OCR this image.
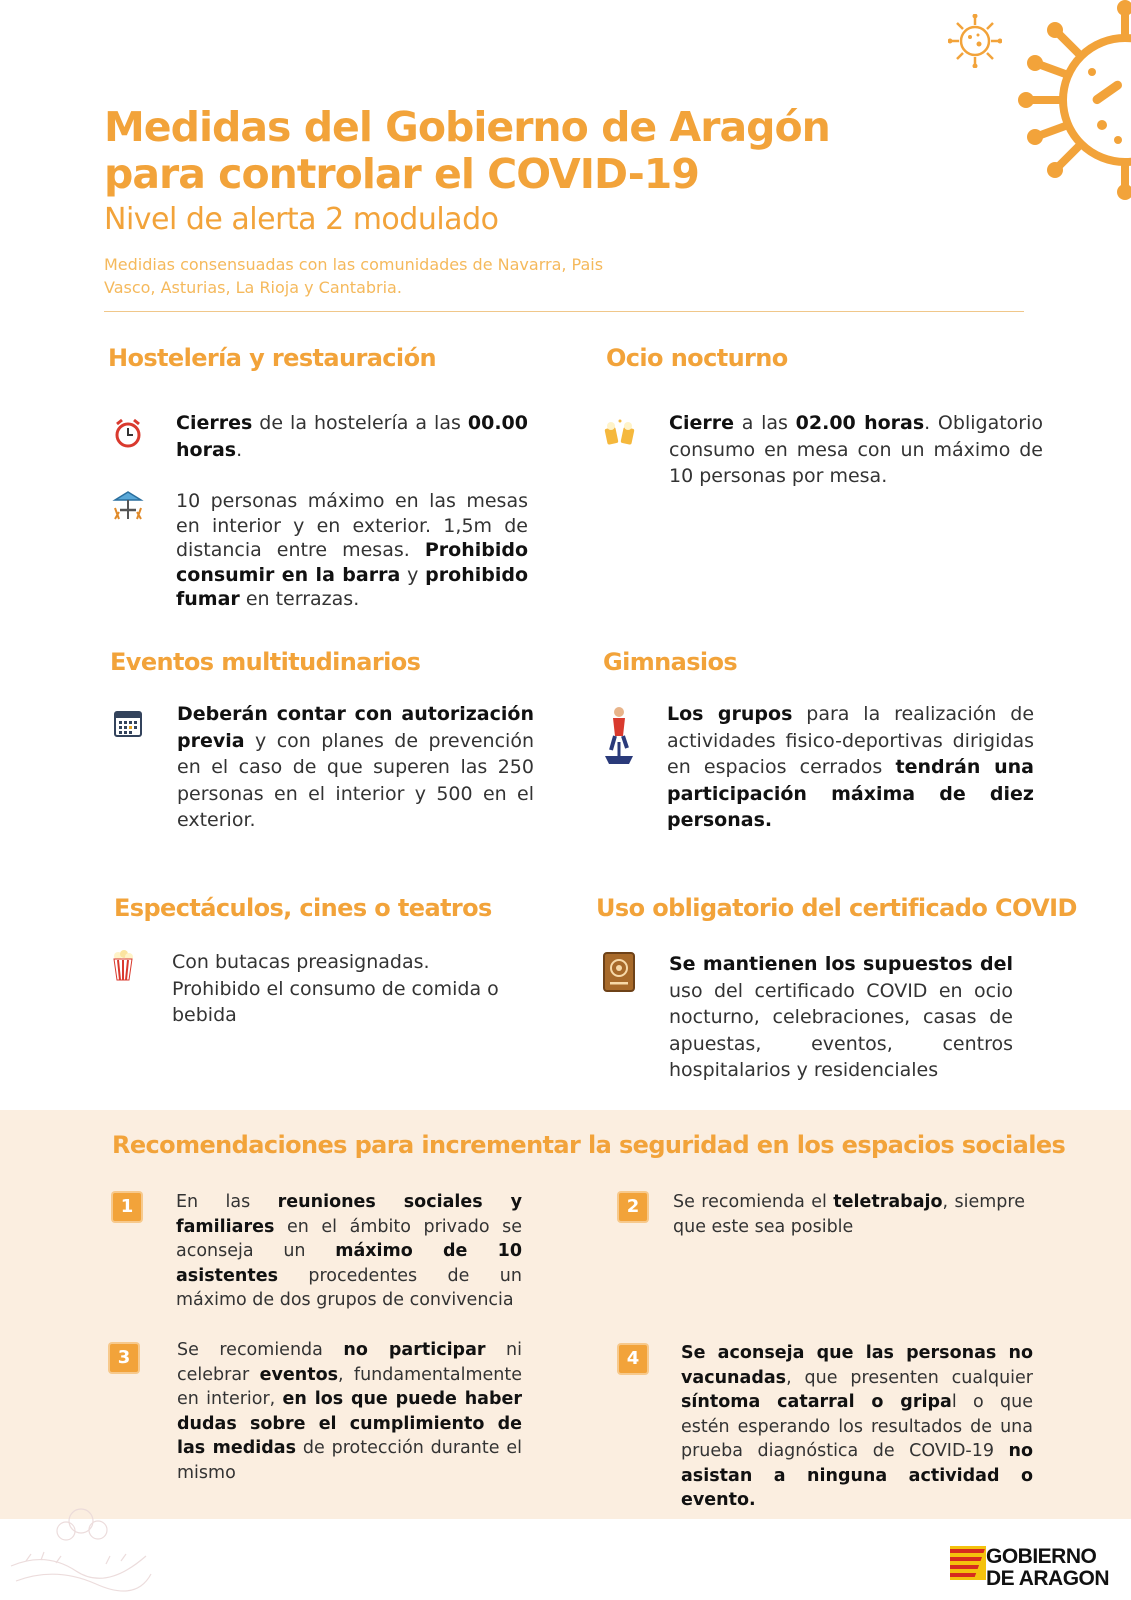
Medidas del Gobierno de Aragón
para controlar el COVID-19
Nivel de alerta 2 modulado
Medidias consensuadas con las comunidades de Navarra, Pais Vasco, Asturias, La Rioja y Cantabria.
Hostelería y restauración
Cierres de la hostelería a las 00.00 horas.
10 personas máximo en las mesas en interior y en exterior. 1,5m de distancia entre mesas. Prohibido consumir en la barra y prohibido fumar en terrazas.
Ocio nocturno
Cierre a las 02.00 horas. Obligatorio consumo en mesa con un máximo de 10 personas por mesa.
Eventos multitudinarios
Deberán contar con autorización previa y con planes de prevención en el caso de que superen las 250 personas en el interior y 500 en el exterior.
Gimnasios
Los grupos para la realización de actividades fisico-deportivas dirigidas en espacios cerrados tendrán una participación máxima de diez personas.
Espectáculos, cines o teatros
Con butacas preasignadas. Prohibido el consumo de comida o bebida
Uso obligatorio del certificado COVID
Se mantienen los supuestos del uso del certificado COVID en ocio nocturno, celebraciones, casas de apuestas, eventos, centros hospitalarios y residenciales
Recomendaciones para incrementar la seguridad en los espacios sociales
1	En las reuniones sociales y familiares en el ámbito privado se aconseja un máximo de 10 asistentes procedentes de un máximo de dos grupos de convivencia
2	Se recomienda el teletrabajo, siempre que este sea posible
3	Se recomienda no participar ni celebrar eventos, fundamentalmente en interior, en los que puede haber dudas sobre el cumplimiento de las medidas de protección durante el mismo
4	Se aconseja que las personas no vacunadas, que presenten cualquier síntoma catarral o gripal o que estén esperando los resultados de una prueba diagnóstica de COVID-19 no asistan a ninguna actividad o evento.
GOBIERNO
DE ARAGON
